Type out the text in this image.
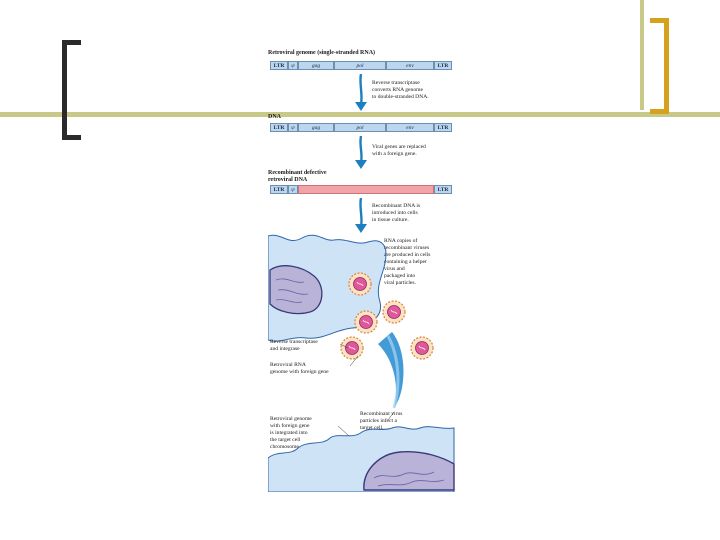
Retroviral genome (single-stranded RNA)
LTR	ψ	gag	pol	env	LTR
Reverse transcriptase
converts RNA genome
to double-stranded DNA.
DNA
LTR	ψ	gag	pol	env	LTR
Viral genes are replaced
with a foreign gene.
Recombinant defective
retroviral DNA
LTR	ψ	LTR
Recombinant DNA is
introduced into cells
in tissue culture.
RNA copies of
recombinant viruses
are produced in cells
containing a helper
virus and
packaged into
viral particles.
Reverse transcriptase
and integrase
Retroviral RNA
genome with foreign gene
Recombinant virus
particles infect a
target cell.
Retroviral genome
with foreign gene
is integrated into
the target cell
chromosome
